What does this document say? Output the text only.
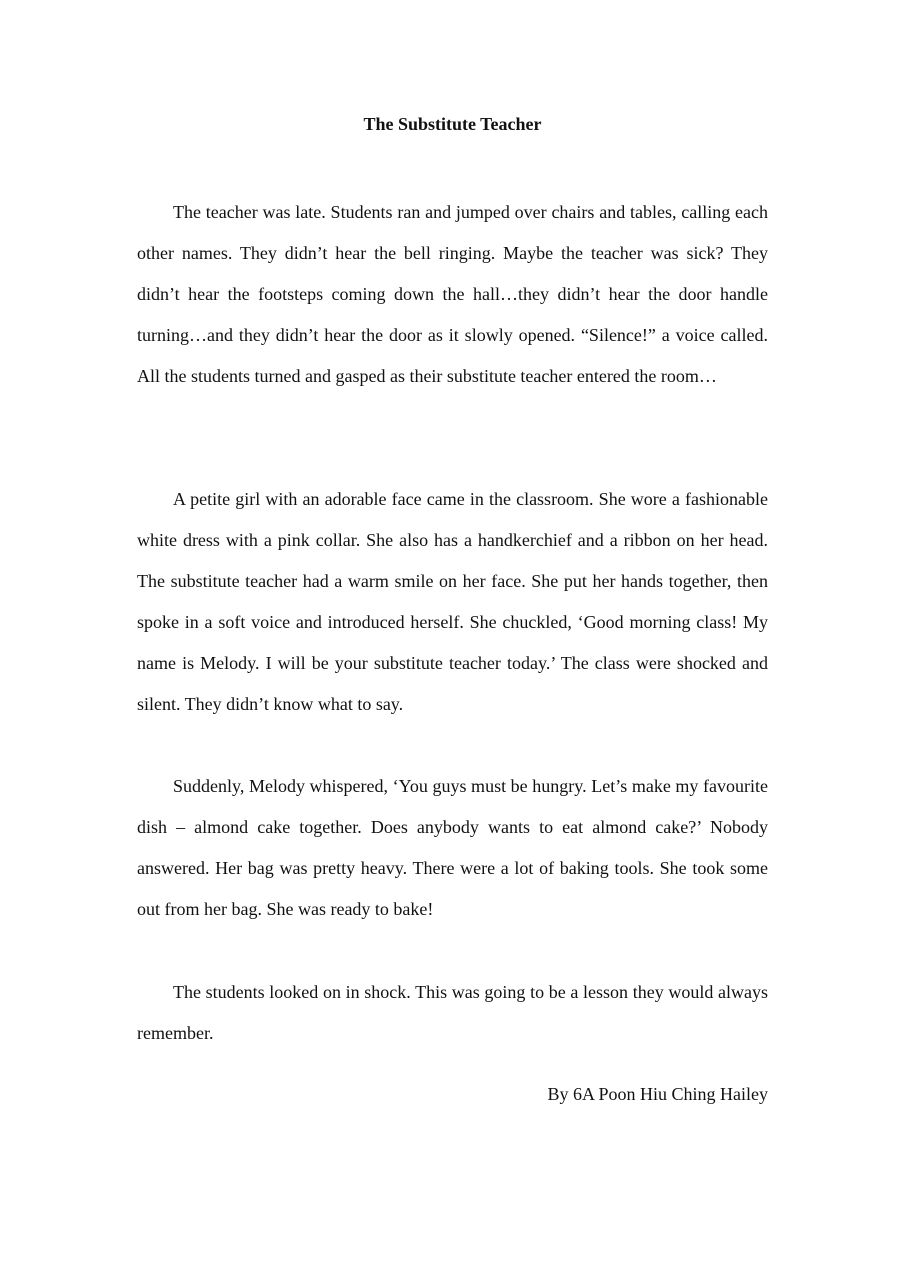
The Substitute Teacher

The teacher was late. Students ran and jumped over chairs and tables, calling each other names. They didn’t hear the bell ringing. Maybe the teacher was sick? They didn’t hear the footsteps coming down the hall…they didn’t hear the door handle turning…and they didn’t hear the door as it slowly opened. “Silence!” a voice called. All the students turned and gasped as their substitute teacher entered the room…

A petite girl with an adorable face came in the classroom. She wore a fashionable white dress with a pink collar. She also has a handkerchief and a ribbon on her head. The substitute teacher had a warm smile on her face. She put her hands together, then spoke in a soft voice and introduced herself. She chuckled, ‘Good morning class! My name is Melody. I will be your substitute teacher today.’ The class were shocked and silent. They didn’t know what to say.

Suddenly, Melody whispered, ‘You guys must be hungry. Let’s make my favourite dish – almond cake together. Does anybody wants to eat almond cake?’ Nobody answered. Her bag was pretty heavy. There were a lot of baking tools. She took some out from her bag. She was ready to bake!

The students looked on in shock. This was going to be a lesson they would always remember.

By 6A Poon Hiu Ching Hailey
